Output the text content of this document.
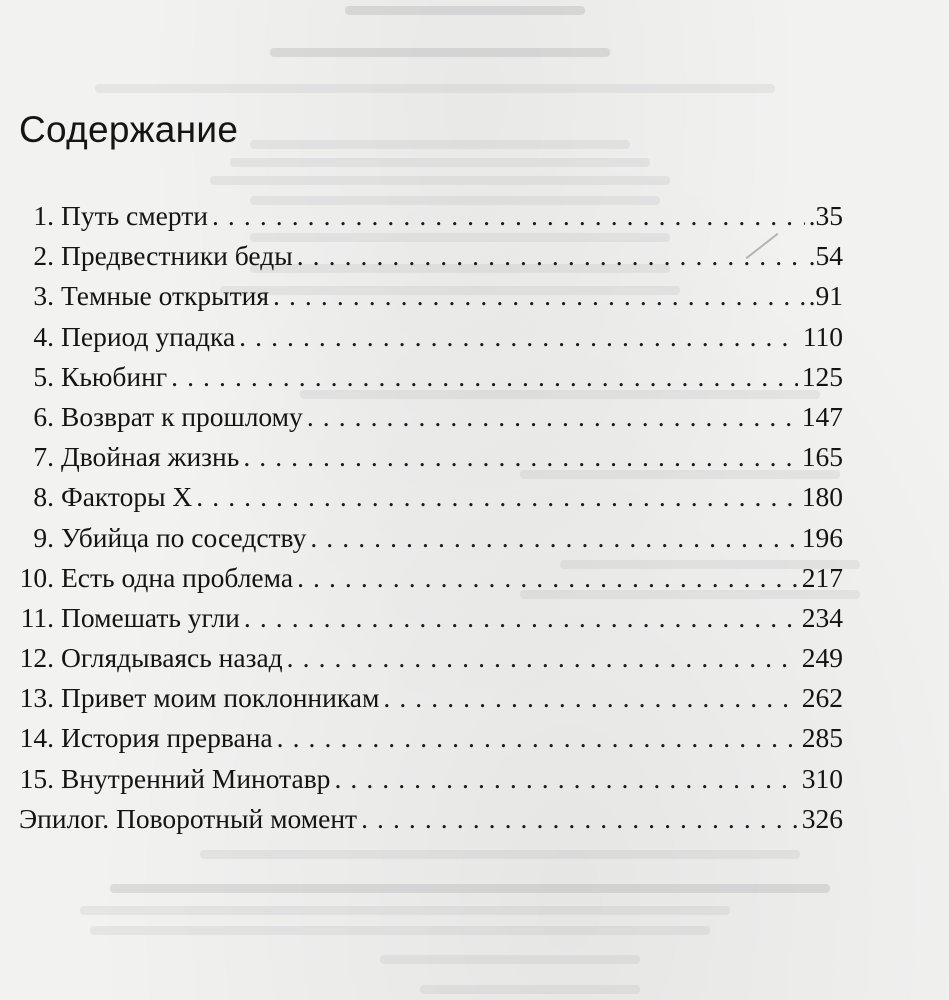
Содержание
1. Путь смерти . . .	.35
2. Предвестники беды . . .	.54
3. Темные открытия . . .	.91
4. Период упадка . . .	110
5. Кьюбинг . . .	125
6. Возврат к прошлому . . .	147
7. Двойная жизнь . . .	165
8. Факторы X . . .	180
9. Убийца по соседству . . .	196
10. Есть одна проблема . . .	217
11. Помешать угли . . .	234
12. Оглядываясь назад . . .	249
13. Привет моим поклонникам . . .	262
14. История прервана . . .	285
15. Внутренний Минотавр . . .	310
Эпилог. Поворотный момент . . .	326
